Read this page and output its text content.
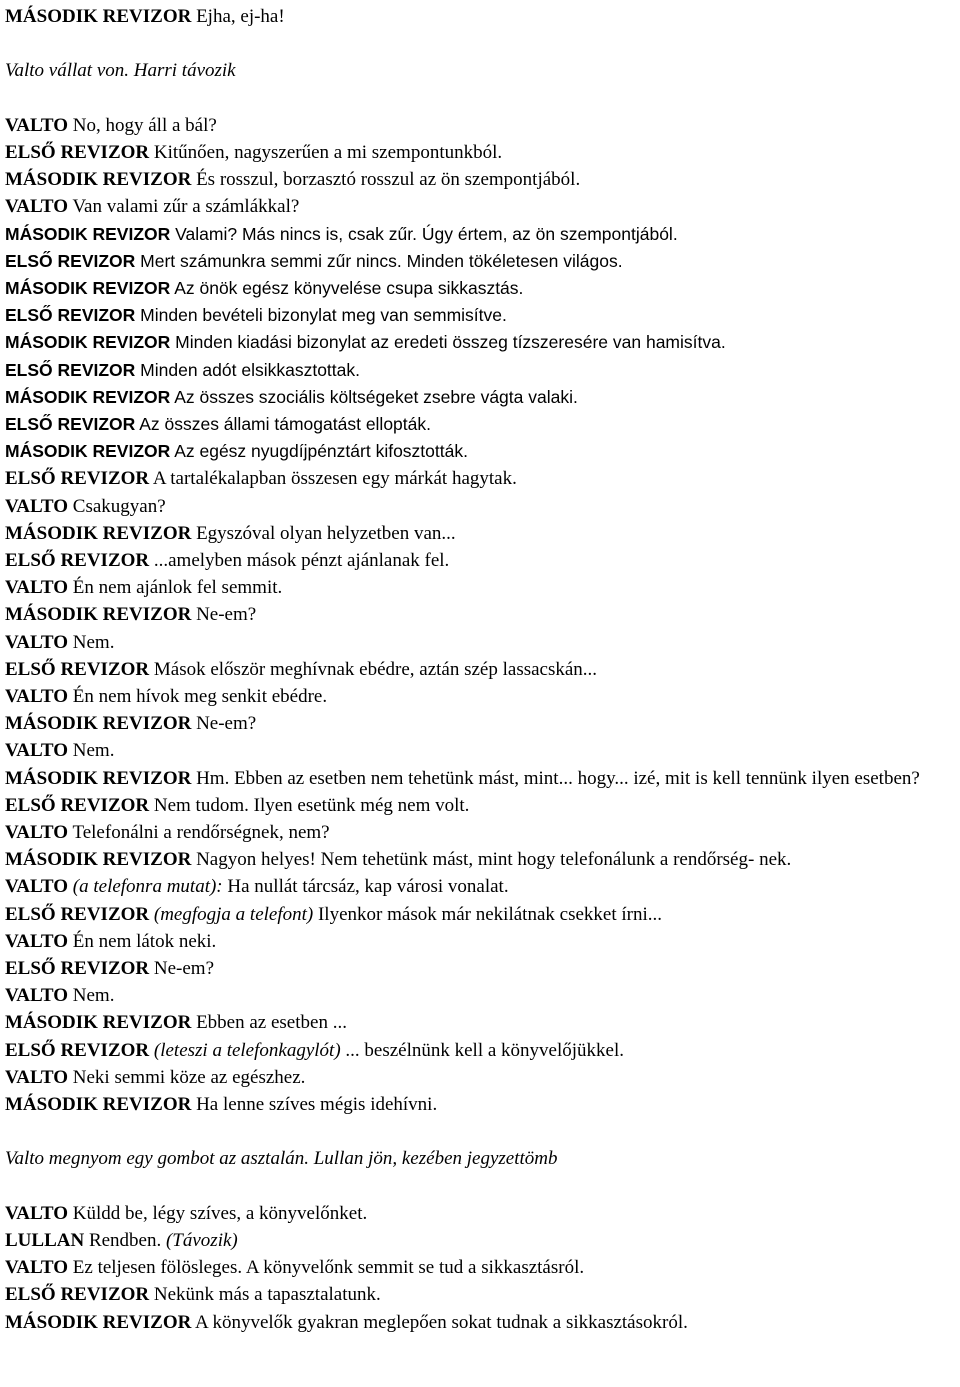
MÁSODIK REVIZOR Ejha, ej-ha!
Valto vállat von. Harri távozik
VALTO No, hogy áll a bál?
ELSŐ REVIZOR Kitűnően, nagyszerűen a mi szempontunkból.
MÁSODIK REVIZOR És rosszul, borzasztó rosszul az ön szempontjából.
VALTO Van valami zűr a számlákkal?
MÁSODIK REVIZOR Valami? Más nincs is, csak zűr. Úgy értem, az ön szempontjából.
ELSŐ REVIZOR Mert számunkra semmi zűr nincs. Minden tökéletesen világos.
MÁSODIK REVIZOR Az önök egész könyvelése csupa sikkasztás.
ELSŐ REVIZOR Minden bevételi bizonylat meg van semmisítve.
MÁSODIK REVIZOR Minden kiadási bizonylat az eredeti összeg tízszeresére van hamisítva.
ELSŐ REVIZOR Minden adót elsikkasztottak.
MÁSODIK REVIZOR Az összes szociális költségeket zsebre vágta valaki.
ELSŐ REVIZOR Az összes állami támogatást ellopták.
MÁSODIK REVIZOR Az egész nyugdíjpénztárt kifosztották.
ELSŐ REVIZOR A tartalékalapban összesen egy márkát hagytak.
VALTO Csakugyan?
MÁSODIK REVIZOR Egyszóval olyan helyzetben van...
ELSŐ REVIZOR ...amelyben mások pénzt ajánlanak fel.
VALTO Én nem ajánlok fel semmit.
MÁSODIK REVIZOR Ne-em?
VALTO Nem.
ELSŐ REVIZOR Mások először meghívnak ebédre, aztán szép lassacskán...
VALTO Én nem hívok meg senkit ebédre.
MÁSODIK REVIZOR Ne-em?
VALTO Nem.
MÁSODIK REVIZOR Hm. Ebben az esetben nem tehetünk mást, mint... hogy... izé, mit is kell tennünk ilyen esetben?
ELSŐ REVIZOR Nem tudom. Ilyen esetünk még nem volt.
VALTO Telefonálni a rendőrségnek, nem?
MÁSODIK REVIZOR Nagyon helyes! Nem tehetünk mást, mint hogy telefonálunk a rendőrség- nek.
VALTO (a telefonra mutat): Ha nullát tárcsáz, kap városi vonalat.
ELSŐ REVIZOR (megfogja a telefont) Ilyenkor mások már nekilátnak csekket írni...
VALTO Én nem látok neki.
ELSŐ REVIZOR Ne-em?
VALTO Nem.
MÁSODIK REVIZOR Ebben az esetben ...
ELSŐ REVIZOR (leteszi a telefonkagylót) ... beszélnünk kell a könyvelőjükkel.
VALTO Neki semmi köze az egészhez.
MÁSODIK REVIZOR Ha lenne szíves mégis idehívni.
Valto megnyom egy gombot az asztalán. Lullan jön, kezében jegyzettömb
VALTO Küldd be, légy szíves, a könyvelőnket.
LULLAN Rendben. (Távozik)
VALTO Ez teljesen fölösleges. A könyvelőnk semmit se tud a sikkasztásról.
ELSŐ REVIZOR Nekünk más a tapasztalatunk.
MÁSODIK REVIZOR A könyvelők gyakran meglepően sokat tudnak a sikkasztásokról.
